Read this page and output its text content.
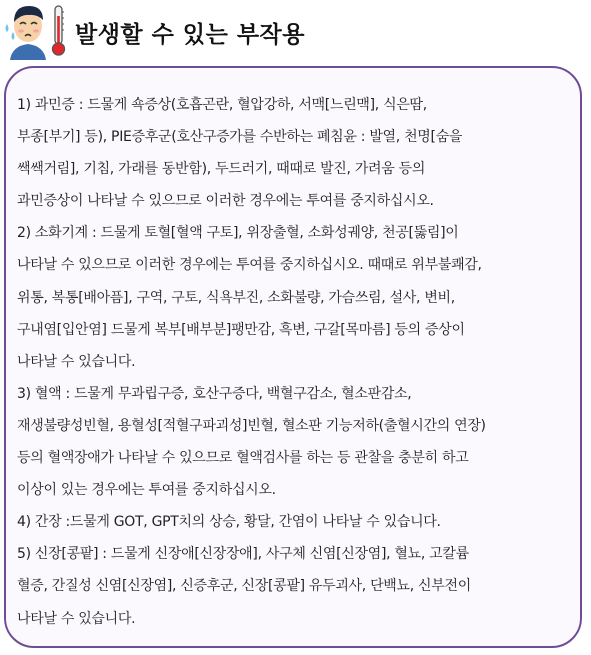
발생할 수 있는 부작용
1) 과민증 : 드물게 쇽증상(호흡곤란, 혈압강하, 서맥[느린맥], 식은땀,
부종[부기] 등), PIE증후군(호산구증가를 수반하는 폐침윤 : 발열, 천명[숨을
쌕쌕거림], 기침, 가래를 동반함), 두드러기, 때때로 발진, 가려움 등의
과민증상이 나타날 수 있으므로 이러한 경우에는 투여를 중지하십시오.
2) 소화기계 : 드물게 토혈[혈액 구토], 위장출혈, 소화성궤양, 천공[뚫림]이
나타날 수 있으므로 이러한 경우에는 투여를 중지하십시오. 때때로 위부불쾌감,
위통, 복통[배아픔], 구역, 구토, 식욕부진, 소화불량, 가슴쓰림, 설사, 변비,
구내염[입안염] 드물게 복부[배부분]팽만감, 흑변, 구갈[목마름] 등의 증상이
나타날 수 있습니다.
3) 혈액 : 드물게 무과립구증, 호산구증다, 백혈구감소, 혈소판감소,
재생불량성빈혈, 용혈성[적혈구파괴성]빈혈, 혈소판 기능저하(출혈시간의 연장)
등의 혈액장애가 나타날 수 있으므로 혈액검사를 하는 등 관찰을 충분히 하고
이상이 있는 경우에는 투여를 중지하십시오.
4) 간장 :드물게 GOT, GPT치의 상승, 황달, 간염이 나타날 수 있습니다.
5) 신장[콩팥] : 드물게 신장애[신장장애], 사구체 신염[신장염], 혈뇨, 고칼륨
혈증, 간질성 신염[신장염], 신증후군, 신장[콩팥] 유두괴사, 단백뇨, 신부전이
나타날 수 있습니다.
